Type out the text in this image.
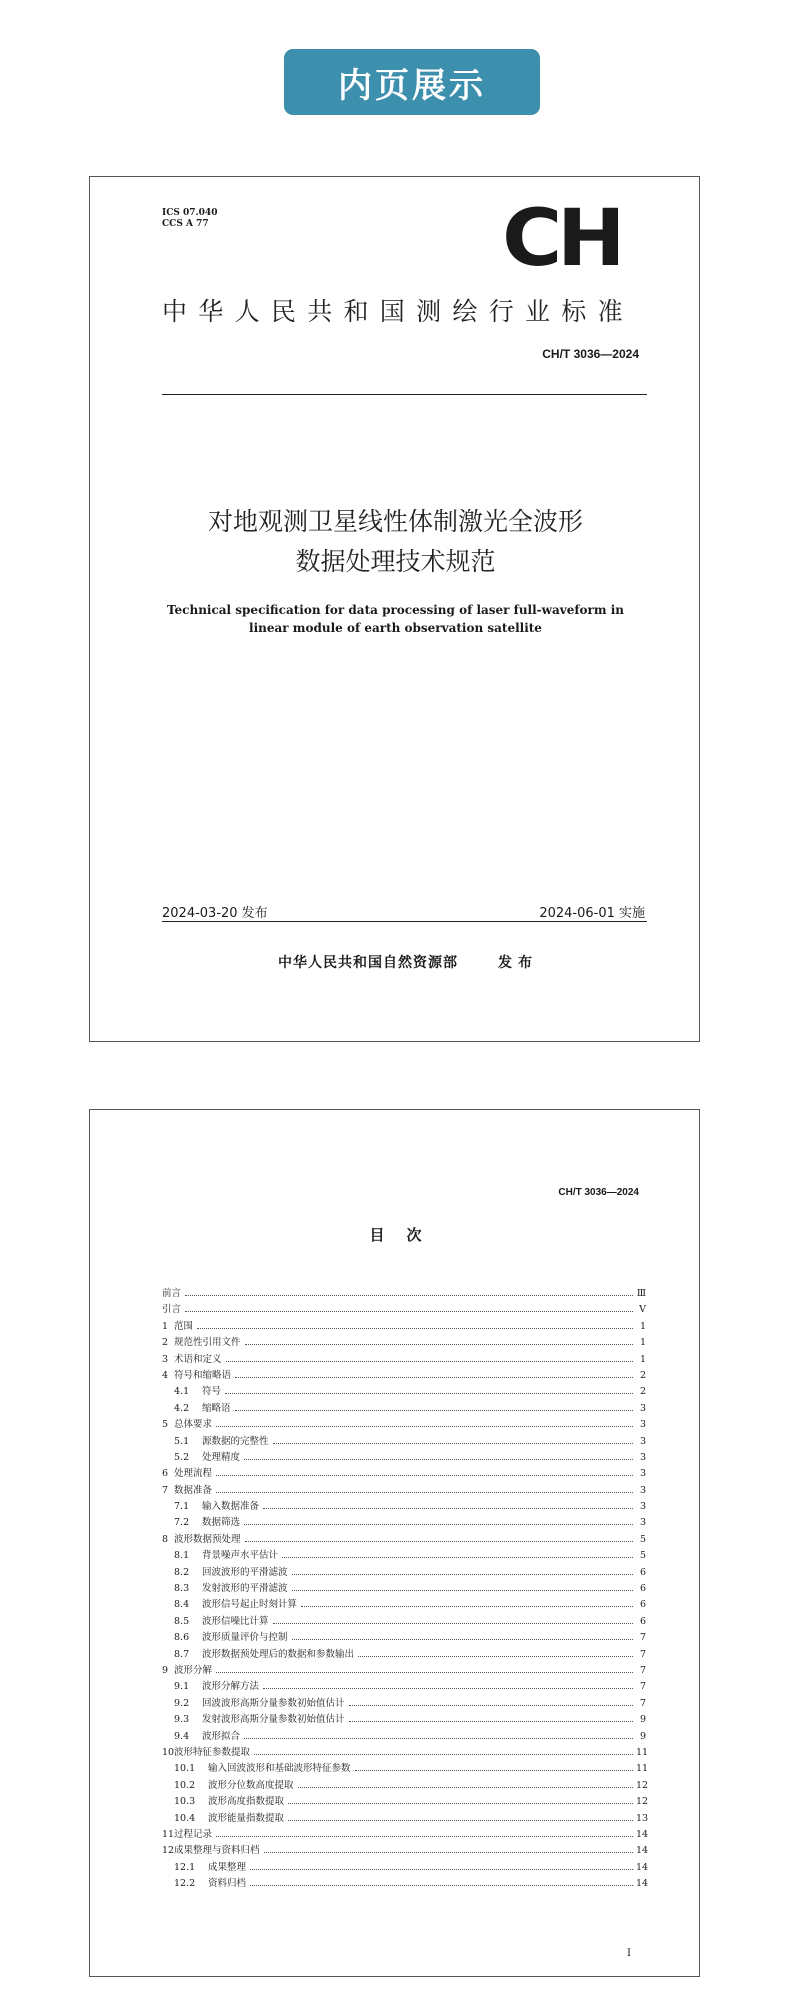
内页展示
ICS 07.040
CCS A 77	CH
中华人民共和国测绘行业标准
CH/T 3036—2024
对地观测卫星线性体制激光全波形
数据处理技术规范
Technical specification for data processing of laser full-waveform in
linear module of earth observation satellite
2024-03-20 发布	2024-06-01 实施
中华人民共和国自然资源部	发布
CH/T 3036—2024
目次
前言	Ⅲ
引言	Ⅴ
1 范围	1
2 规范性引用文件	1
3 术语和定义	1
4 符号和缩略语	2
4.1	符号	2
4.2	缩略语	3
5 总体要求	3
5.1	源数据的完整性	3
5.2	处理精度	3
6 处理流程	3
7 数据准备	3
7.1	输入数据准备	3
7.2	数据筛选	3
8 波形数据预处理	5
8.1	背景噪声水平估计	5
8.2	回波波形的平滑滤波	6
8.3	发射波形的平滑滤波	6
8.4	波形信号起止时刻计算	6
8.5	波形信噪比计算	6
8.6	波形质量评价与控制	7
8.7	波形数据预处理后的数据和参数输出	7
9 波形分解	7
9.1	波形分解方法	7
9.2	回波波形高斯分量参数初始值估计	7
9.3	发射波形高斯分量参数初始值估计	9
9.4	波形拟合	9
10 波形特征参数提取	11
10.1	输入回波波形和基础波形特征参数	11
10.2	波形分位数高度提取	12
10.3	波形高度指数提取	12
10.4	波形能量指数提取	13
11 过程记录	14
12 成果整理与资料归档	14
12.1	成果整理	14
12.2	资料归档	14
I
